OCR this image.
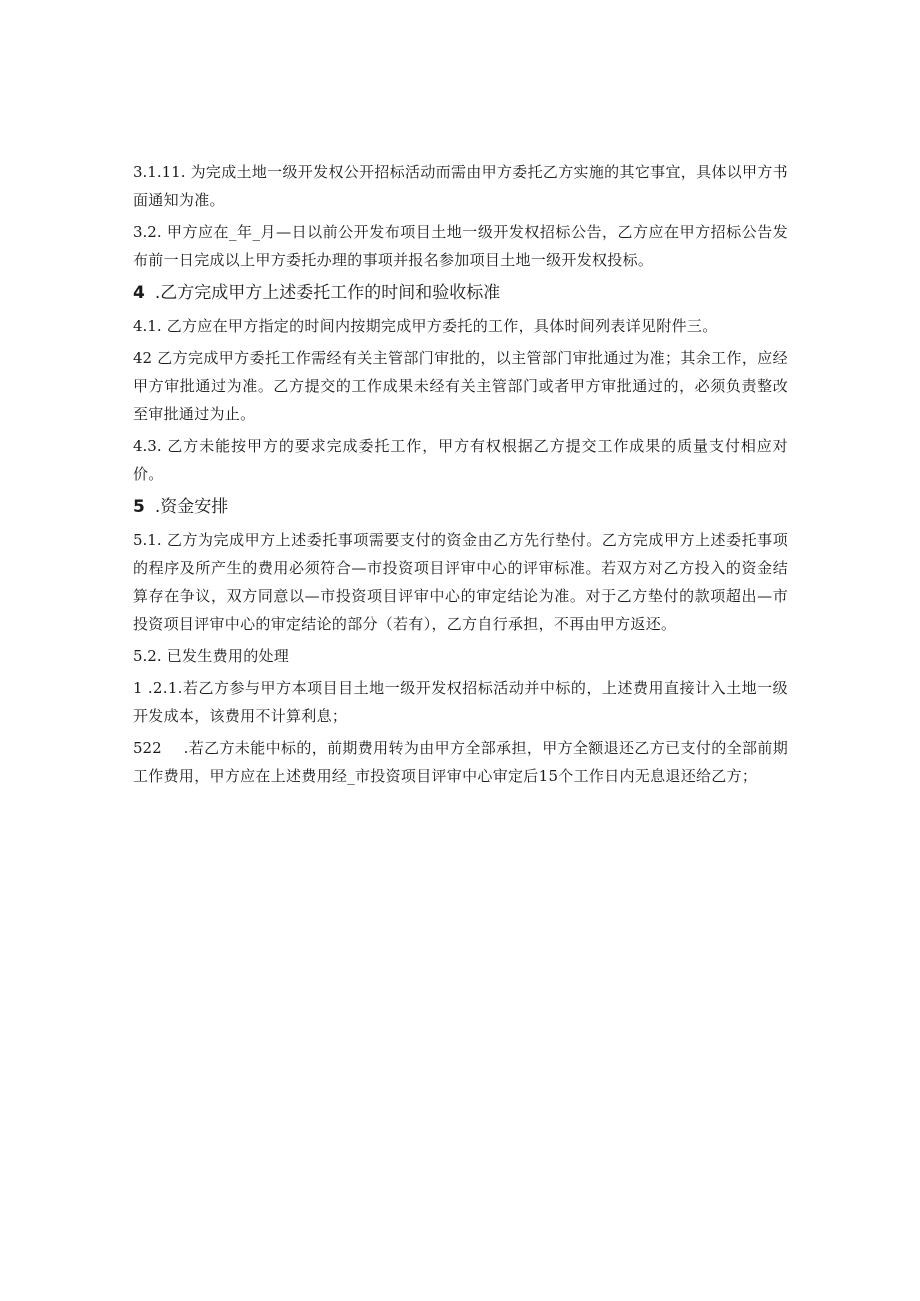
3.1.11. 为完成土地一级开发权公开招标活动而需由甲方委托乙方实施的其它事宜，具体以甲方书面通知为准。

3.2. 甲方应在_年_月—日以前公开发布项目土地一级开发权招标公告，乙方应在甲方招标公告发布前一日完成以上甲方委托办理的事项并报名参加项目土地一级开发权投标。

4 .乙方完成甲方上述委托工作的时间和验收标准

4.1. 乙方应在甲方指定的时间内按期完成甲方委托的工作，具体时间列表详见附件三。

42 乙方完成甲方委托工作需经有关主管部门审批的，以主管部门审批通过为准；其余工作，应经甲方审批通过为准。乙方提交的工作成果未经有关主管部门或者甲方审批通过的，必须负责整改至审批通过为止。

4.3. 乙方未能按甲方的要求完成委托工作，甲方有权根据乙方提交工作成果的质量支付相应对价。

5 .资金安排

5.1. 乙方为完成甲方上述委托事项需要支付的资金由乙方先行垫付。乙方完成甲方上述委托事项的程序及所产生的费用必须符合—市投资项目评审中心的评审标准。若双方对乙方投入的资金结算存在争议，双方同意以—市投资项目评审中心的审定结论为准。对于乙方垫付的款项超出—市投资项目评审中心的审定结论的部分（若有），乙方自行承担，不再由甲方返还。

5.2. 已发生费用的处理

1 .2.1.若乙方参与甲方本项目目土地一级开发权招标活动并中标的，上述费用直接计入土地一级开发成本，该费用不计算利息；

522 .若乙方未能中标的，前期费用转为由甲方全部承担，甲方全额退还乙方已支付的全部前期工作费用，甲方应在上述费用经_市投资项目评审中心审定后15个工作日内无息退还给乙方；
